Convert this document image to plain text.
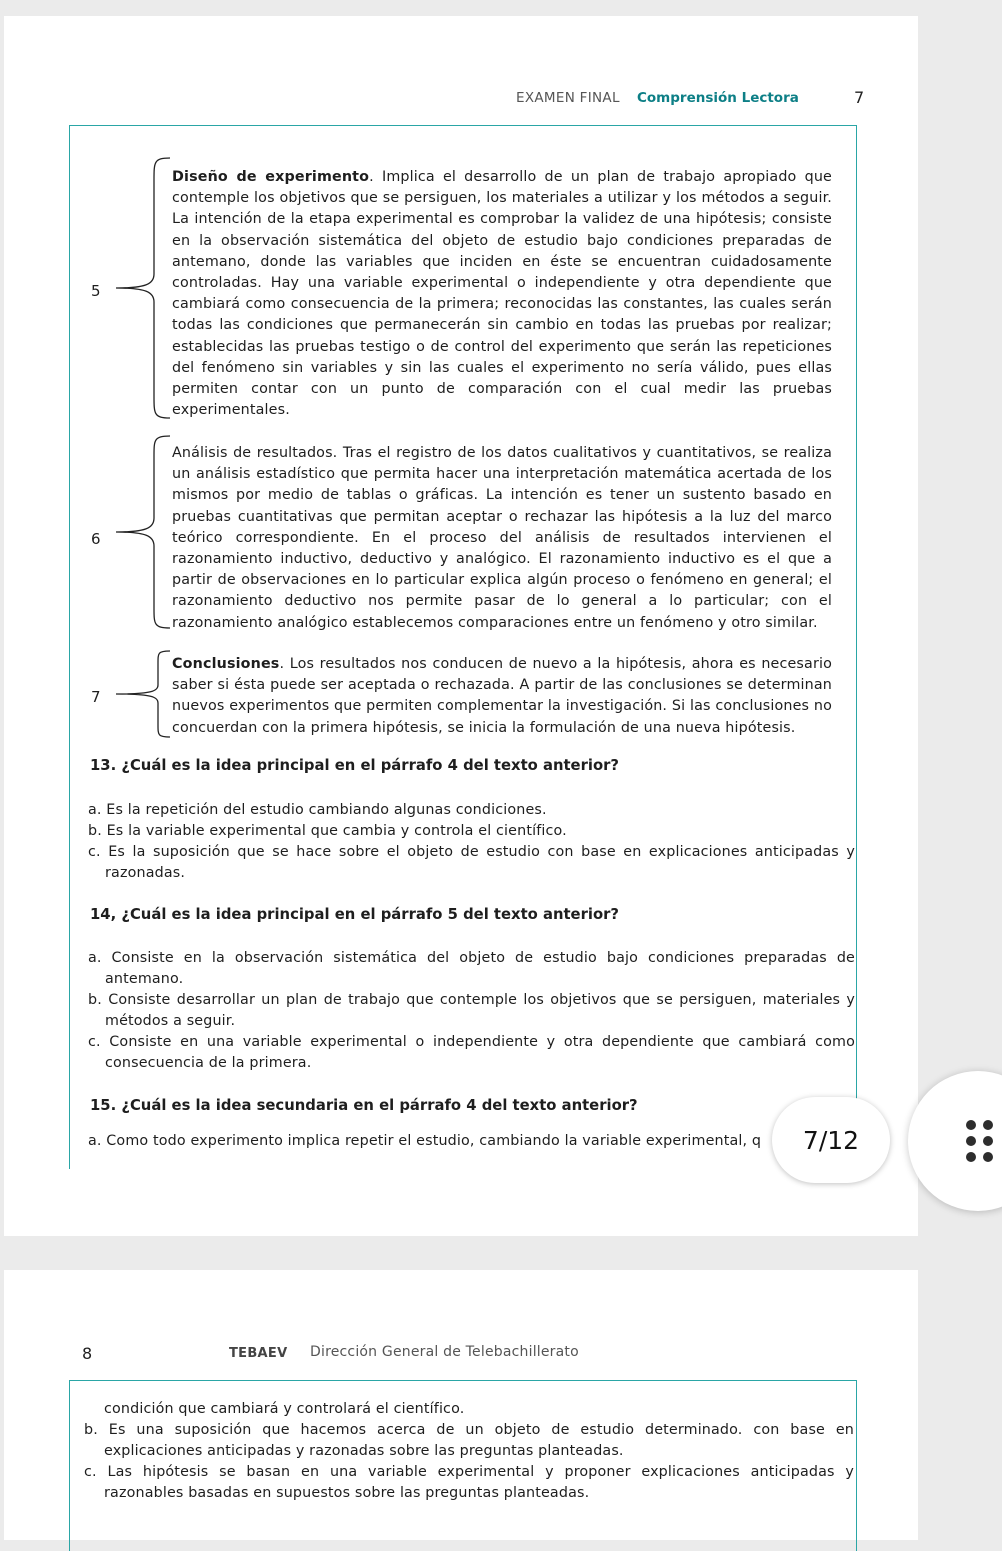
EXAMEN FINAL Comprensión Lectora	7
5
Diseño de experimento. Implica el desarrollo de un plan de trabajo apropiado que contemple los objetivos que se persiguen, los materiales a utilizar y los métodos a seguir. La intención de la etapa experimental es comprobar la validez de una hipótesis; consiste en la observación sistemática del objeto de estudio bajo condiciones preparadas de antemano, donde las variables que inciden en éste se encuentran cuidadosamente controladas. Hay una variable experimental o independiente y otra dependiente que cambiará como consecuencia de la primera; reconocidas las constantes, las cuales serán todas las condiciones que permanecerán sin cambio en todas las pruebas por realizar; establecidas las pruebas testigo o de control del experimento que serán las repeticiones del fenómeno sin variables y sin las cuales el experimento no sería válido, pues ellas permiten contar con un punto de comparación con el cual medir las pruebas experimentales.
6
Análisis de resultados. Tras el registro de los datos cualitativos y cuantitativos, se realiza un análisis estadístico que permita hacer una interpretación matemática acertada de los mismos por medio de tablas o gráficas. La intención es tener un sustento basado en pruebas cuantitativas que permitan aceptar o rechazar las hipótesis a la luz del marco teórico correspondiente. En el proceso del análisis de resultados intervienen el razonamiento inductivo, deductivo y analógico. El razonamiento inductivo es el que a partir de observaciones en lo particular explica algún proceso o fenómeno en general; el razonamiento deductivo nos permite pasar de lo general a lo particular; con el razonamiento analógico establecemos comparaciones entre un fenómeno y otro similar.
7
Conclusiones. Los resultados nos conducen de nuevo a la hipótesis, ahora es necesario saber si ésta puede ser aceptada o rechazada. A partir de las conclusiones se determinan nuevos experimentos que permiten complementar la investigación. Si las conclusiones no concuerdan con la primera hipótesis, se inicia la formulación de una nueva hipótesis.
13. ¿Cuál es la idea principal en el párrafo 4 del texto anterior?
a. Es la repetición del estudio cambiando algunas condiciones.
b. Es la variable experimental que cambia y controla el científico.
c. Es la suposición que se hace sobre el objeto de estudio con base en explicaciones anticipadas y razonadas.
14, ¿Cuál es la idea principal en el párrafo 5 del texto anterior?
a. Consiste en la observación sistemática del objeto de estudio bajo condiciones preparadas de antemano.
b. Consiste desarrollar un plan de trabajo que contemple los objetivos que se persiguen, materiales y métodos a seguir.
c. Consiste en una variable experimental o independiente y otra dependiente que cambiará como consecuencia de la primera.
15. ¿Cuál es la idea secundaria en el párrafo 4 del texto anterior?
a. Como todo experimento implica repetir el estudio, cambiando la variable experimental, q	7/12
8	TEBAEV Dirección General de Telebachillerato
condición que cambiará y controlará el científico.
b. Es una suposición que hacemos acerca de un objeto de estudio determinado. con base en explicaciones anticipadas y razonadas sobre las preguntas planteadas.
c. Las hipótesis se basan en una variable experimental y proponer explicaciones anticipadas y razonables basadas en supuestos sobre las preguntas planteadas.
